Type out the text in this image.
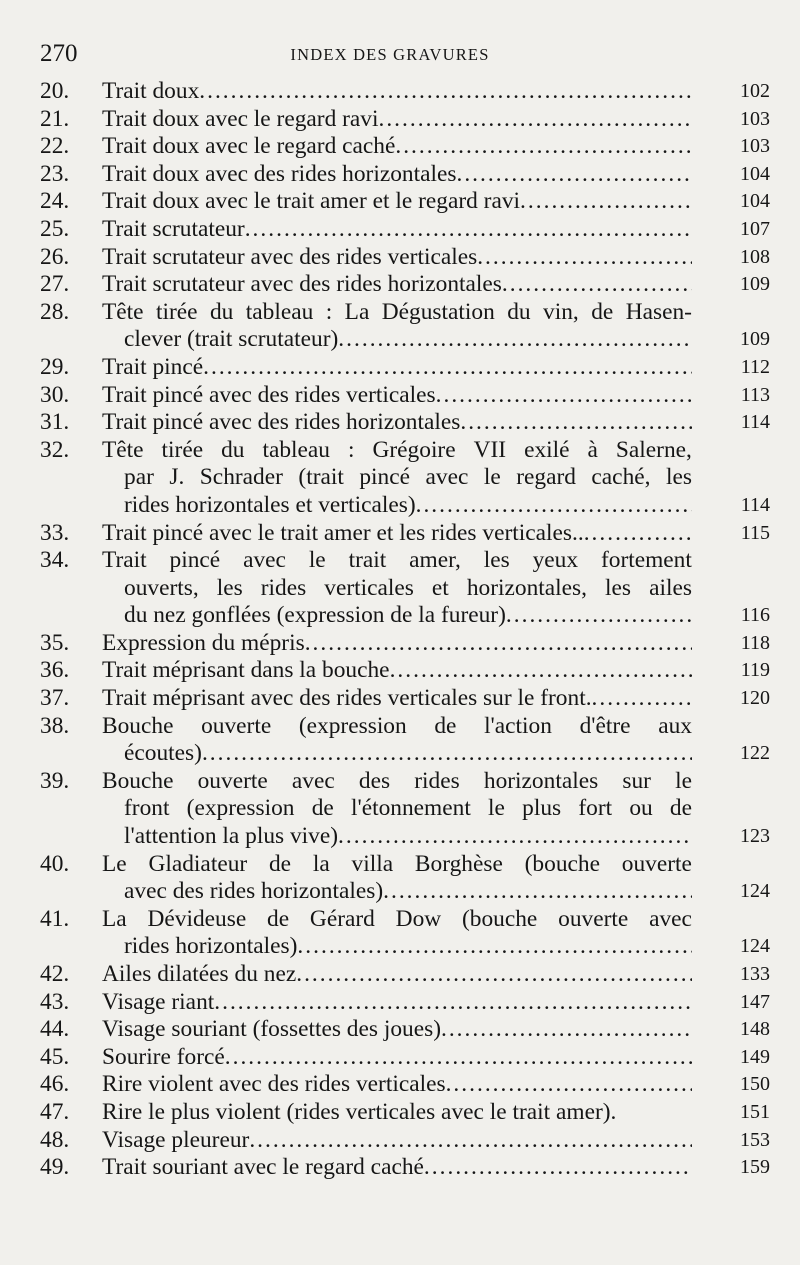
270	INDEX DES GRAVURES
20.	Trait doux .....	102
21.	Trait doux avec le regard ravi .....	103
22.	Trait doux avec le regard caché .....	103
23.	Trait doux avec des rides horizontales .....	104
24.	Trait doux avec le trait amer et le regard ravi .....	104
25.	Trait scrutateur .....	107
26.	Trait scrutateur avec des rides verticales .....	108
27.	Trait scrutateur avec des rides horizontales .....	109
28.	Tête tirée du tableau : La Dégustation du vin, de Hasen-
clever (trait scrutateur) .....	109
29.	Trait pincé .....	112
30.	Trait pincé avec des rides verticales .....	113
31.	Trait pincé avec des rides horizontales .....	114
32.	Tête tirée du tableau : Grégoire VII exilé à Salerne,
par J. Schrader (trait pincé avec le regard caché, les
rides horizontales et verticales) .....	114
33.	Trait pincé avec le trait amer et les rides verticales.. .....	115
34.	Trait pincé avec le trait amer, les yeux fortement
ouverts, les rides verticales et horizontales, les ailes
du nez gonflées (expression de la fureur) .....	116
35.	Expression du mépris .....	118
36.	Trait méprisant dans la bouche .....	119
37.	Trait méprisant avec des rides verticales sur le front. .....	120
38.	Bouche ouverte (expression de l'action d'être aux
écoutes) .....	122
39.	Bouche ouverte avec des rides horizontales sur le
front (expression de l'étonnement le plus fort ou de
l'attention la plus vive) .....	123
40.	Le Gladiateur de la villa Borghèse (bouche ouverte
avec des rides horizontales) .....	124
41.	La Dévideuse de Gérard Dow (bouche ouverte avec
rides horizontales) .....	124
42.	Ailes dilatées du nez .....	133
43.	Visage riant .....	147
44.	Visage souriant (fossettes des joues) .....	148
45.	Sourire forcé .....	149
46.	Rire violent avec des rides verticales .....	150
47.	Rire le plus violent (rides verticales avec le trait amer).	151
48.	Visage pleureur .....	153
49.	Trait souriant avec le regard caché .....	159
